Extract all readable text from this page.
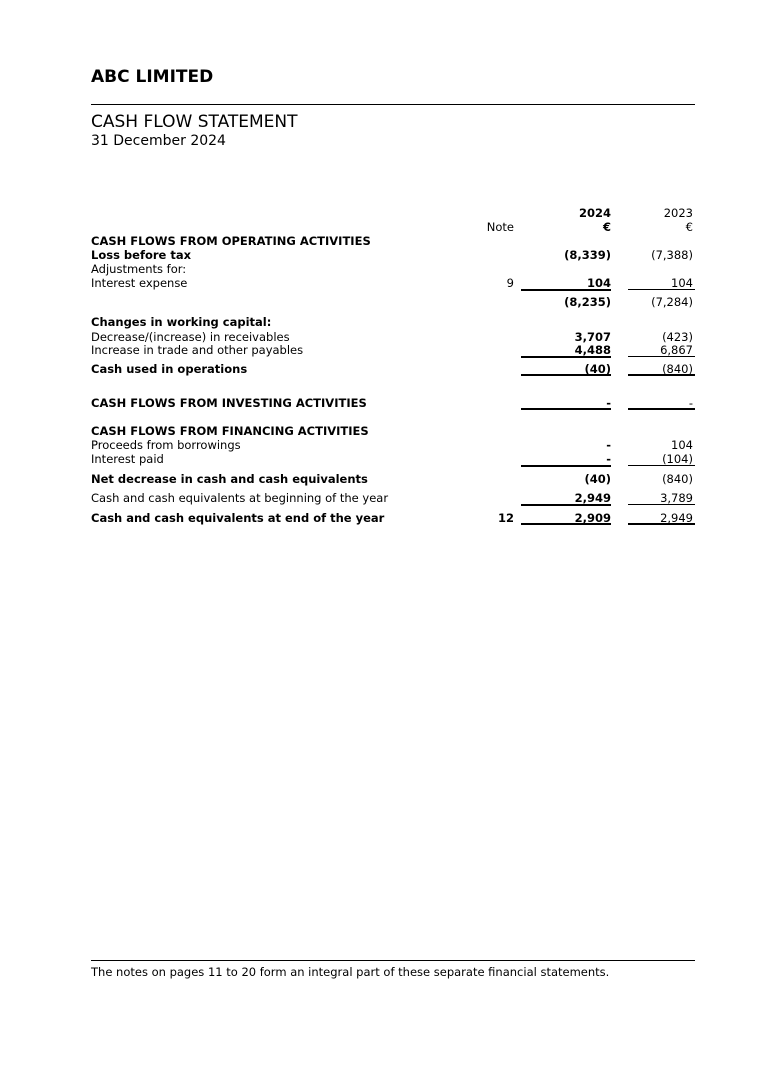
ABC LIMITED
CASH FLOW STATEMENT
31 December 2024
2024	2023
Note	€	€
CASH FLOWS FROM OPERATING ACTIVITIES
Loss before tax	(8,339)	(7,388)
Adjustments for:
Interest expense	9	104	104
(8,235)	(7,284)
Changes in working capital:
Decrease/(increase) in receivables	3,707	(423)
Increase in trade and other payables	4,488	6,867
Cash used in operations	(40)	(840)
CASH FLOWS FROM INVESTING ACTIVITIES	-	-
CASH FLOWS FROM FINANCING ACTIVITIES
Proceeds from borrowings	-	104
Interest paid	-	(104)
Net decrease in cash and cash equivalents	(40)	(840)
Cash and cash equivalents at beginning of the year	2,949	3,789
Cash and cash equivalents at end of the year	12	2,909	2,949
The notes on pages 11 to 20 form an integral part of these separate financial statements.
